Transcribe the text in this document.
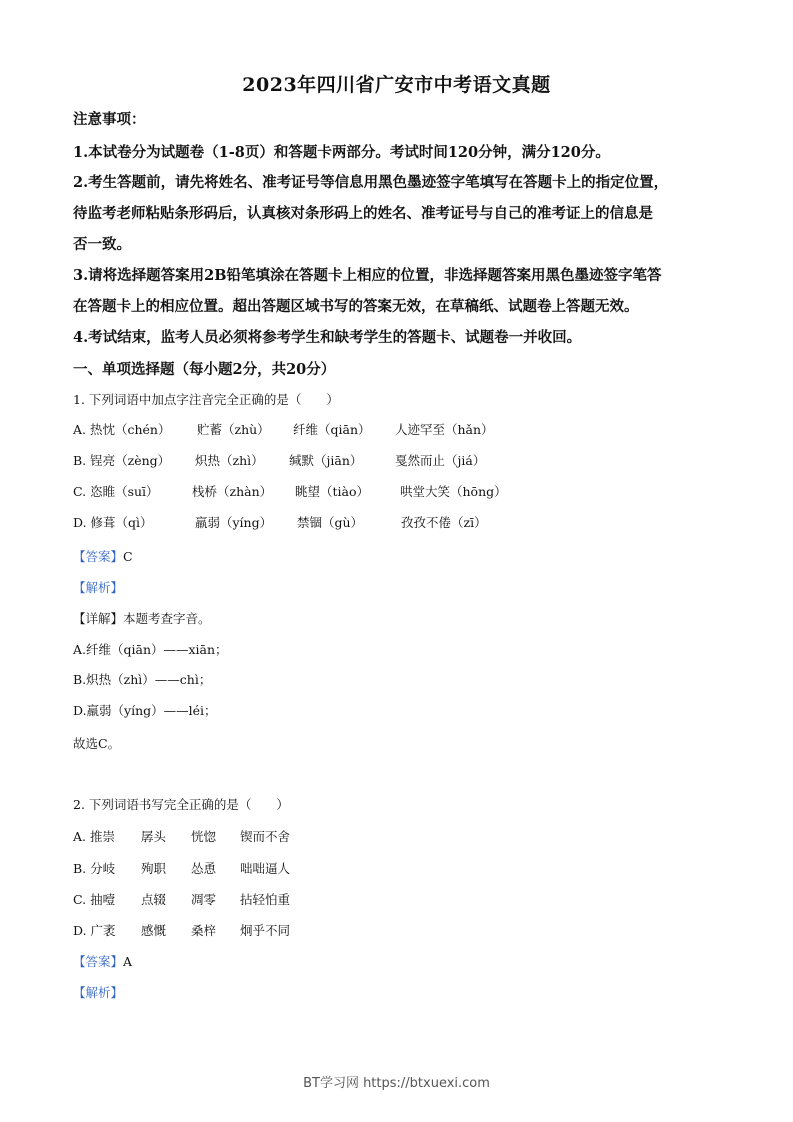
2023年四川省广安市中考语文真题
注意事项：
1.本试卷分为试题卷（1-8页）和答题卡两部分。考试时间120分钟，满分120分。
2.考生答题前，请先将姓名、准考证号等信息用黑色墨迹签字笔填写在答题卡上的指定位置，
待监考老师粘贴条形码后，认真核对条形码上的姓名、准考证号与自己的准考证上的信息是
否一致。
3.请将选择题答案用2B铅笔填涂在答题卡上相应的位置，非选择题答案用黑色墨迹签字笔答
在答题卡上的相应位置。超出答题区域书写的答案无效，在草稿纸、试题卷上答题无效。
4.考试结束，监考人员必须将参考学生和缺考学生的答题卡、试题卷一并收回。
一、单项选择题（每小题2分，共20分）
1. 下列词语中加点字注音完全正确的是（　　）
A. 热忱（chén） 贮蓄（zhù） 纤维（qiān） 人迹罕至（hǎn）
B. 锃亮（zèng） 炽热（zhì） 缄默（jiān）	戛然而止（jiá）
C. 恣睢（suī）	栈桥（zhàn） 眺望（tiào） 哄堂大笑（hōng）
D. 修葺（qì）	羸弱（yíng） 禁锢（gù）	孜孜不倦（zī）
【答案】C
【解析】
【详解】本题考查字音。
A.纤维（qiān）——xiān；
B.炽热（zhì）——chì；
D.羸弱（yíng）——léi；
故选C。
2. 下列词语书写完全正确的是（　　）
A. 推崇 孱头 恍惚 锲而不舍
B. 分岐 殉职 怂恿 咄咄逼人
C. 抽噎 点辍 凋零 拈轻怕重
D. 广袤 感慨 桑梓 炯乎不同
【答案】A
【解析】
BT学习网 https://btxuexi.com
